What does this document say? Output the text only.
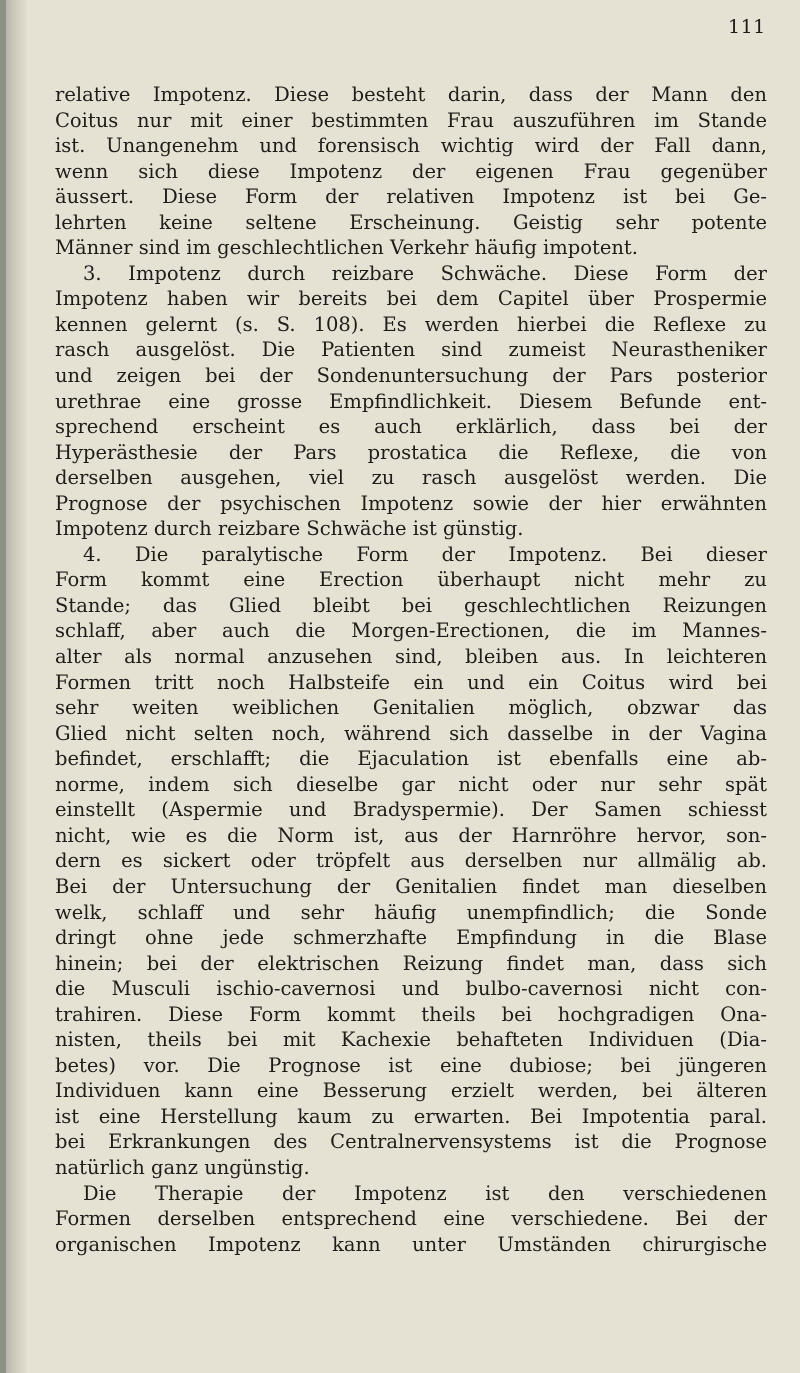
111
relative Impotenz. Diese besteht darin, dass der Mann den
Coitus nur mit einer bestimmten Frau auszuführen im Stande
ist. Unangenehm und forensisch wichtig wird der Fall dann,
wenn sich diese Impotenz der eigenen Frau gegenüber
äussert. Diese Form der relativen Impotenz ist bei Ge-
lehrten keine seltene Erscheinung. Geistig sehr potente
Männer sind im geschlechtlichen Verkehr häufig impotent.
3. Impotenz durch reizbare Schwäche. Diese Form der
Impotenz haben wir bereits bei dem Capitel über Prospermie
kennen gelernt (s. S. 108). Es werden hierbei die Reflexe zu
rasch ausgelöst. Die Patienten sind zumeist Neurastheniker
und zeigen bei der Sondenuntersuchung der Pars posterior
urethrae eine grosse Empfindlichkeit. Diesem Befunde ent-
sprechend erscheint es auch erklärlich, dass bei der
Hyperästhesie der Pars prostatica die Reflexe, die von
derselben ausgehen, viel zu rasch ausgelöst werden. Die
Prognose der psychischen Impotenz sowie der hier erwähnten
Impotenz durch reizbare Schwäche ist günstig.
4. Die paralytische Form der Impotenz. Bei dieser
Form kommt eine Erection überhaupt nicht mehr zu
Stande; das Glied bleibt bei geschlechtlichen Reizungen
schlaff, aber auch die Morgen-Erectionen, die im Mannes-
alter als normal anzusehen sind, bleiben aus. In leichteren
Formen tritt noch Halbsteife ein und ein Coitus wird bei
sehr weiten weiblichen Genitalien möglich, obzwar das
Glied nicht selten noch, während sich dasselbe in der Vagina
befindet, erschlafft; die Ejaculation ist ebenfalls eine ab-
norme, indem sich dieselbe gar nicht oder nur sehr spät
einstellt (Aspermie und Bradyspermie). Der Samen schiesst
nicht, wie es die Norm ist, aus der Harnröhre hervor, son-
dern es sickert oder tröpfelt aus derselben nur allmälig ab.
Bei der Untersuchung der Genitalien findet man dieselben
welk, schlaff und sehr häufig unempfindlich; die Sonde
dringt ohne jede schmerzhafte Empfindung in die Blase
hinein; bei der elektrischen Reizung findet man, dass sich
die Musculi ischio-cavernosi und bulbo-cavernosi nicht con-
trahiren. Diese Form kommt theils bei hochgradigen Ona-
nisten, theils bei mit Kachexie behafteten Individuen (Dia-
betes) vor. Die Prognose ist eine dubiose; bei jüngeren
Individuen kann eine Besserung erzielt werden, bei älteren
ist eine Herstellung kaum zu erwarten. Bei Impotentia paral.
bei Erkrankungen des Centralnervensystems ist die Prognose
natürlich ganz ungünstig.
Die Therapie der Impotenz ist den verschiedenen
Formen derselben entsprechend eine verschiedene. Bei der
organischen Impotenz kann unter Umständen chirurgische
